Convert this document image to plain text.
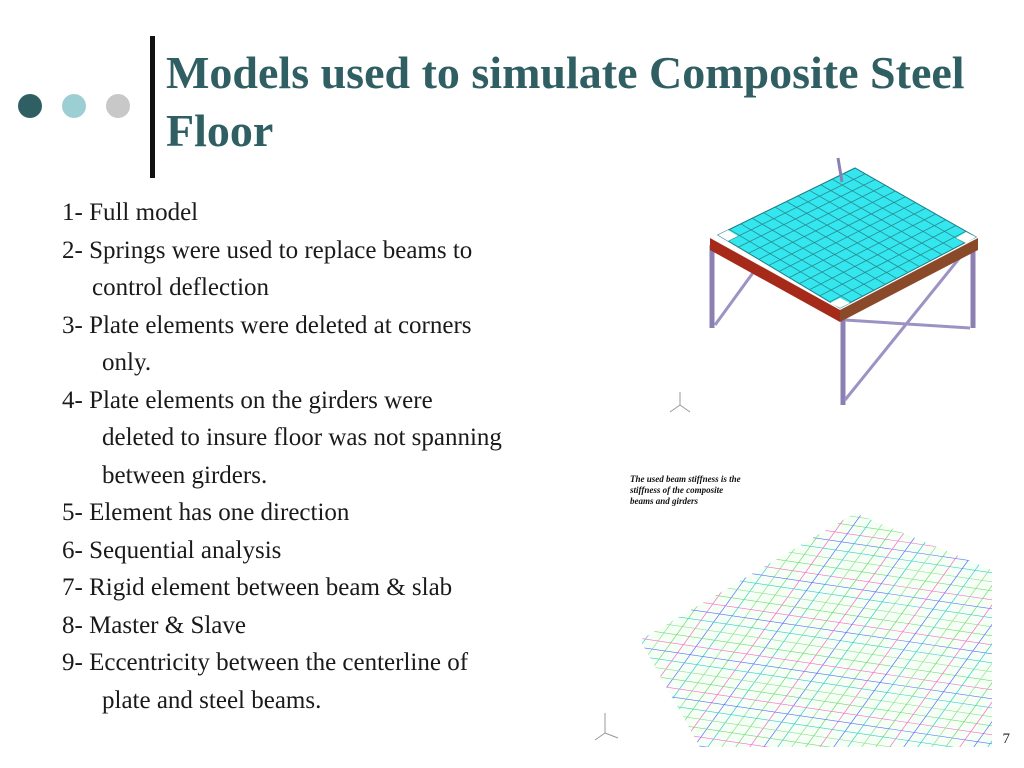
Models used to simulate Composite Steel Floor
1- Full model
2- Springs were used to replace beams to
control deflection
3- Plate elements were deleted at corners
only.
4- Plate elements on the girders were
deleted to insure floor was not spanning
between girders.
5- Element has one direction
6- Sequential analysis
7- Rigid element between beam & slab
8- Master & Slave
9- Eccentricity between the centerline of
plate and steel beams.
The used beam stiffness is the
stiffness of the composite
beams and girders
7
